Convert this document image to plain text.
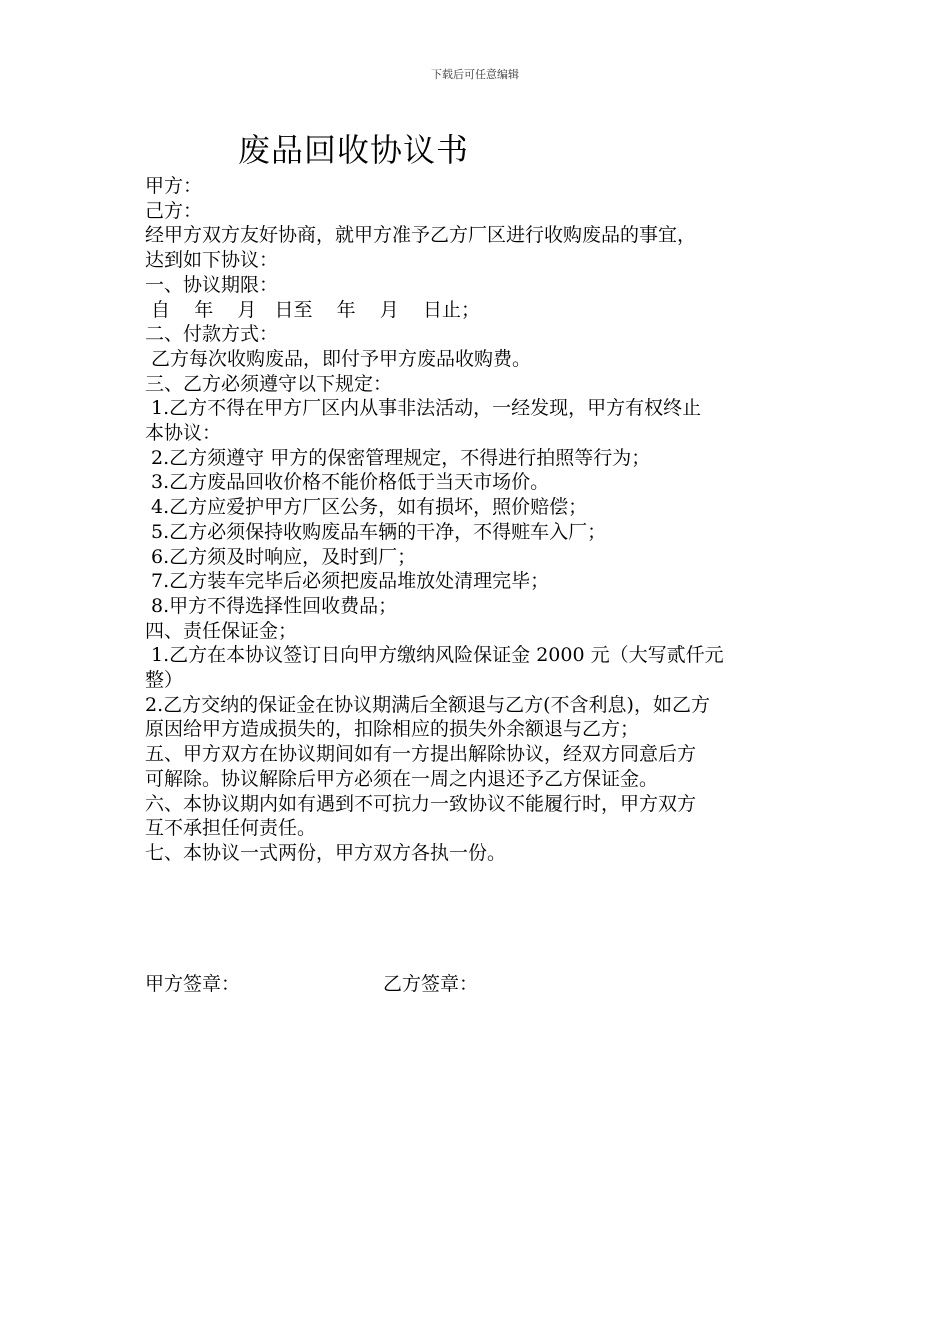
下载后可任意编辑
废品回收协议书
甲方：
己方：
经甲方双方友好协商，就甲方准予乙方厂区进行收购废品的事宜，
达到如下协议：
一、协议期限：
自    年    月   日至    年    月    日止；
二、付款方式：
乙方每次收购废品，即付予甲方废品收购费。
三、乙方必须遵守以下规定：
1.乙方不得在甲方厂区内从事非法活动，一经发现，甲方有权终止
本协议：
2.乙方须遵守 甲方的保密管理规定，不得进行拍照等行为；
3.乙方废品回收价格不能价格低于当天市场价。
4.乙方应爱护甲方厂区公务，如有损坏，照价赔偿；
5.乙方必须保持收购废品车辆的干净，不得赃车入厂；
6.乙方须及时响应，及时到厂；
7.乙方装车完毕后必须把废品堆放处清理完毕；
8.甲方不得选择性回收费品；
四、责任保证金；
1.乙方在本协议签订日向甲方缴纳风险保证金 2000 元（大写贰仟元
整）
2.乙方交纳的保证金在协议期满后全额退与乙方(不含利息)，如乙方
原因给甲方造成损失的，扣除相应的损失外余额退与乙方；
五、甲方双方在协议期间如有一方提出解除协议，经双方同意后方
可解除。协议解除后甲方必须在一周之内退还予乙方保证金。
六、本协议期内如有遇到不可抗力一致协议不能履行时，甲方双方
互不承担任何责任。
七、本协议一式两份，甲方双方各执一份。
甲方签章：	乙方签章：
